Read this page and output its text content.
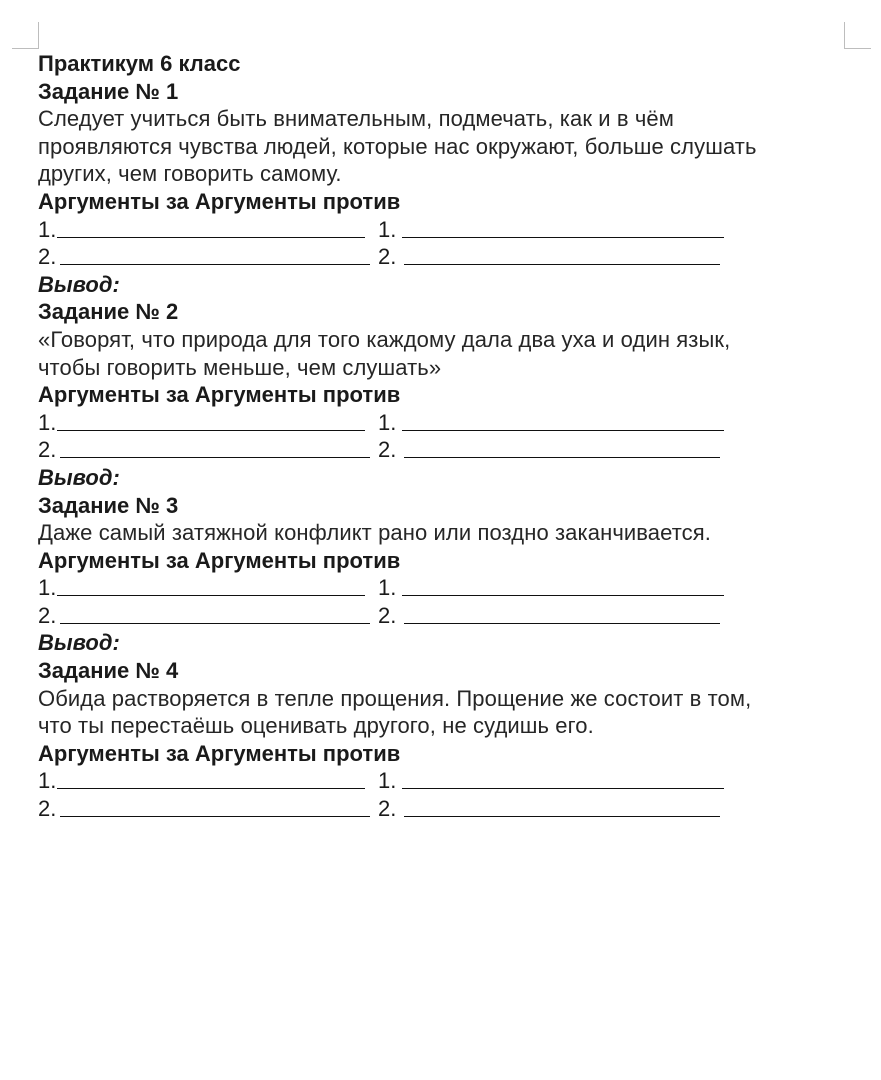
Практикум 6 класс
Задание № 1
Следует учиться быть внимательным, подмечать, как и в чём
проявляются чувства людей, которые нас окружают, больше слушать
других, чем говорить самому.
Аргументы за Аргументы против
1.	1.
2.	2.
Вывод:
Задание № 2
«Говорят, что природа для того каждому дала два уха и один язык,
чтобы говорить меньше, чем слушать»
Аргументы за Аргументы против
1.	1.
2.	2.
Вывод:
Задание № 3
Даже самый затяжной конфликт рано или поздно заканчивается.
Аргументы за Аргументы против
1.	1.
2.	2.
Вывод:
Задание № 4
Обида растворяется в тепле прощения. Прощение же состоит в том,
что ты перестаёшь оценивать другого, не судишь его.
Аргументы за Аргументы против
1.	1.
2.	2.
